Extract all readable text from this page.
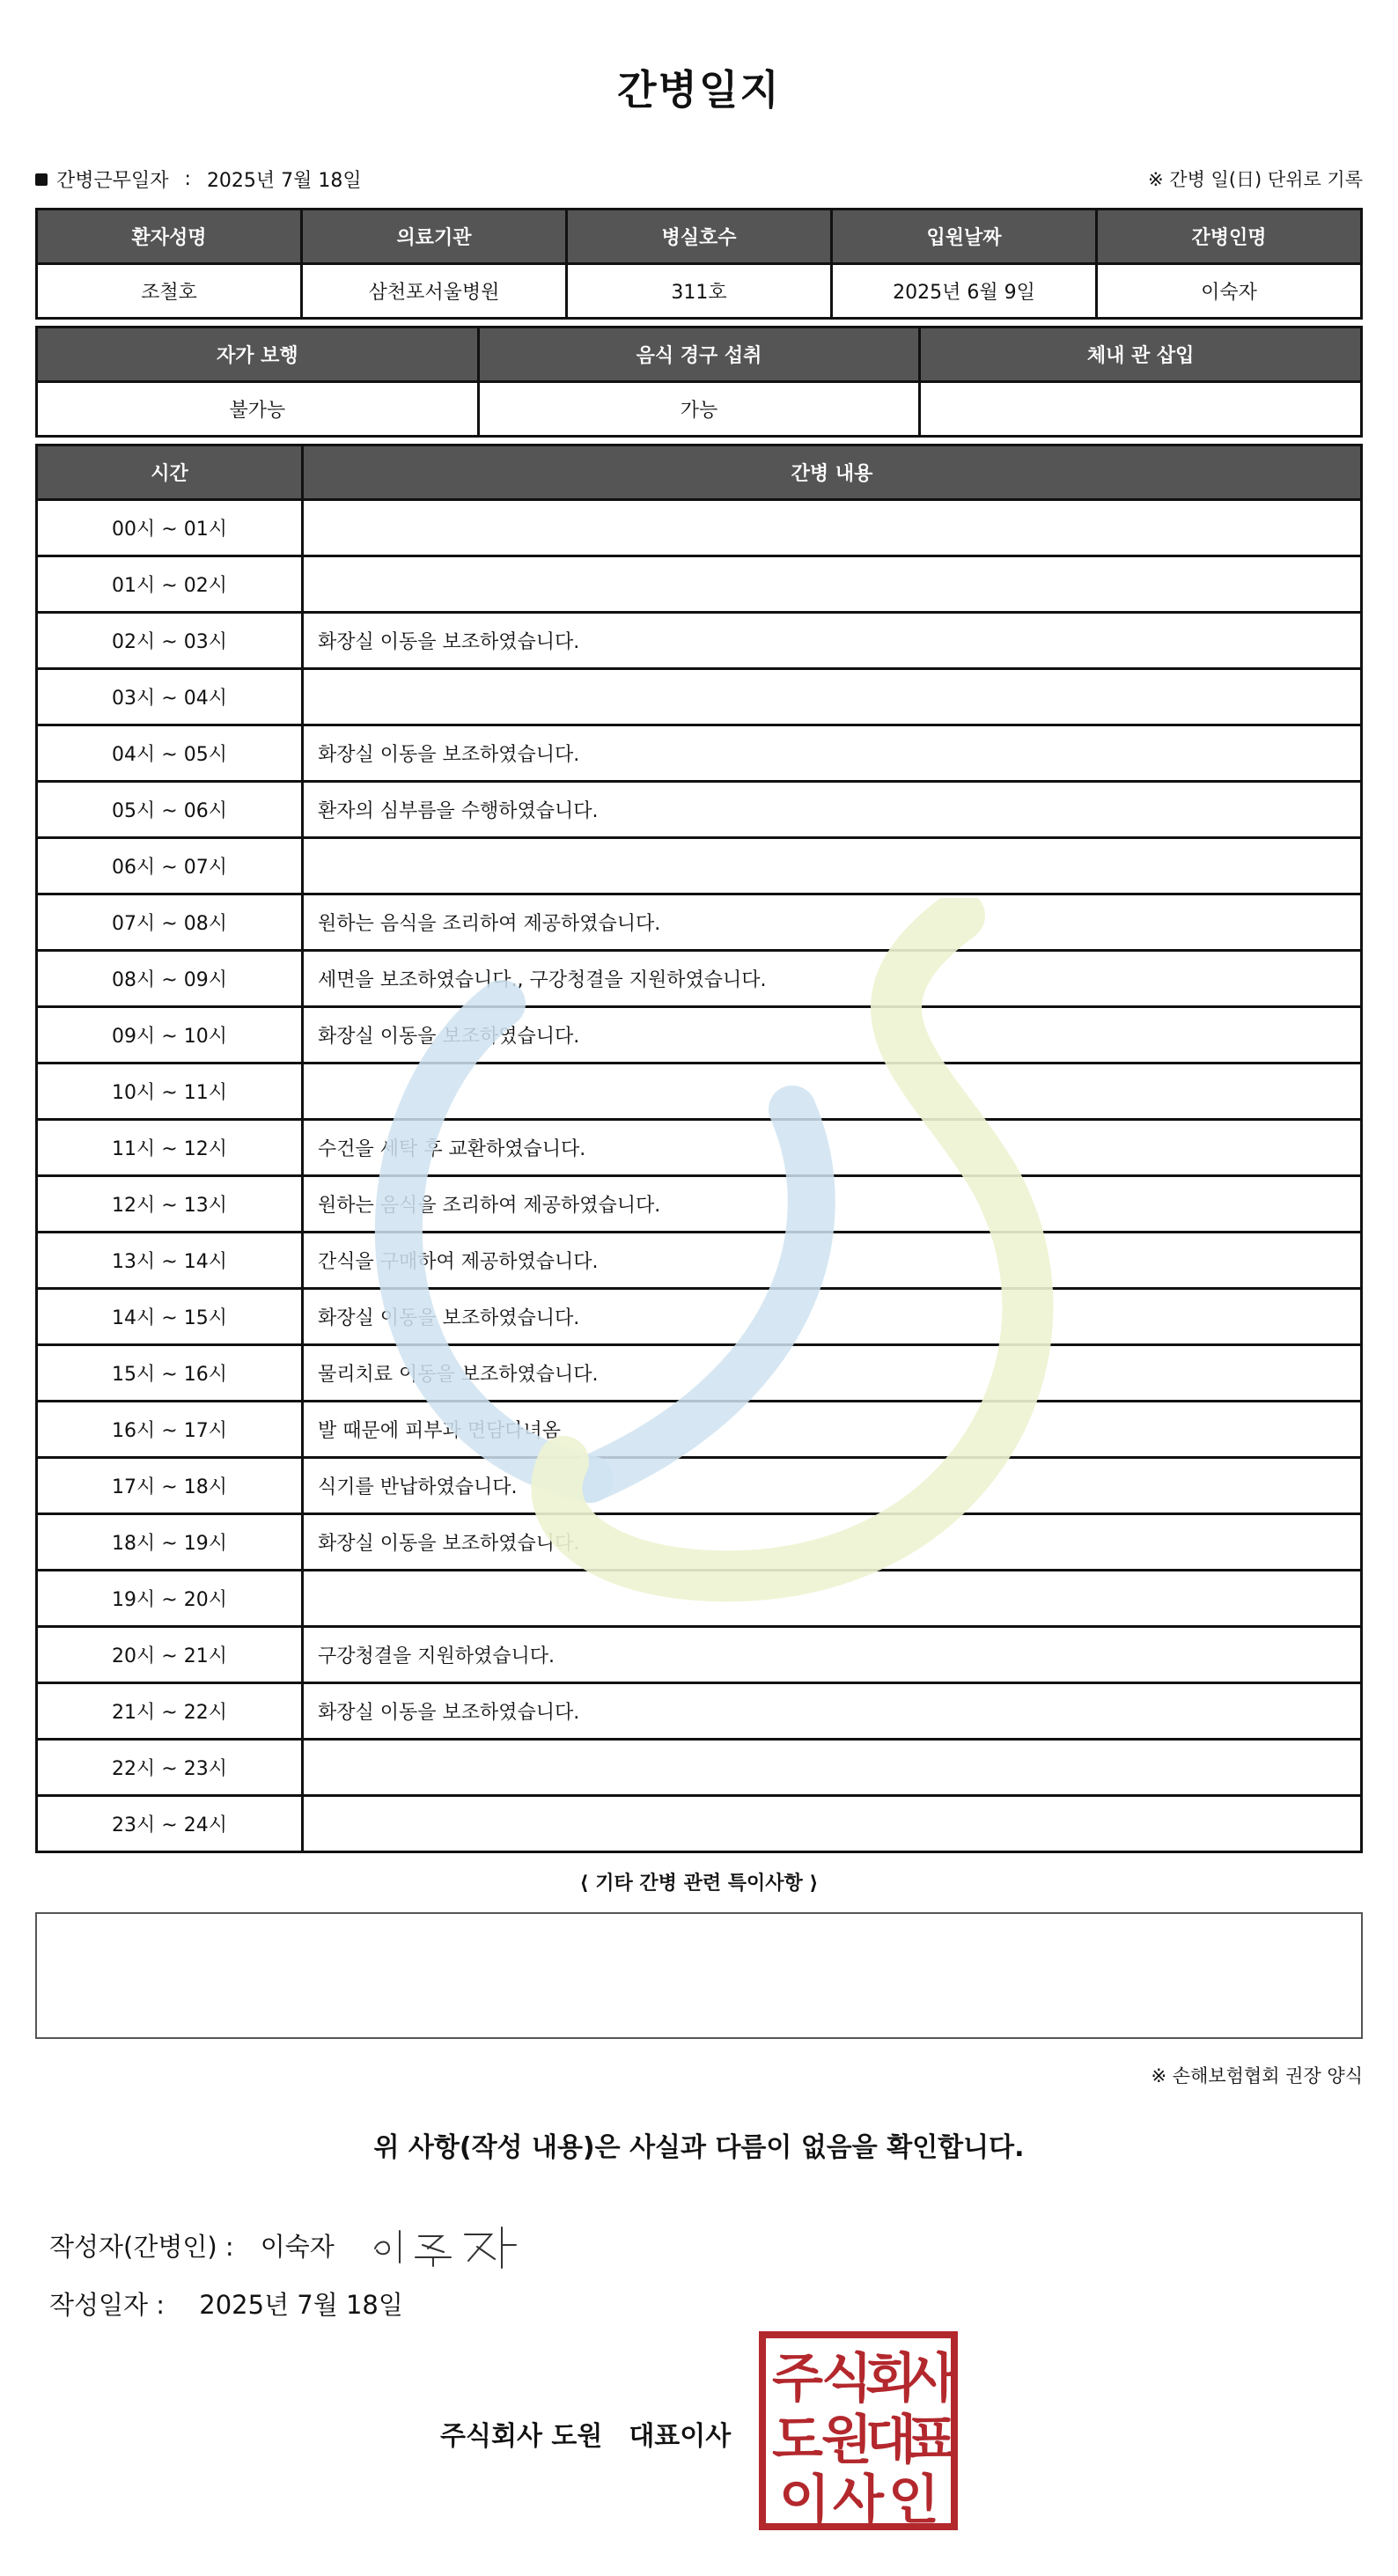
간병일지
간병근무일자 : 2025년 7월 18일	※ 간병 일(日) 단위로 기록
환자성명	의료기관	병실호수	입원날짜	간병인명
조철호	삼천포서울병원	311호	2025년 6월 9일	이숙자
자가 보행	음식 경구 섭취	체내 관 삽입
불가능	가능	
시간	간병 내용
00시 ~ 01시	
01시 ~ 02시	
02시 ~ 03시	화장실 이동을 보조하였습니다.
03시 ~ 04시	
04시 ~ 05시	화장실 이동을 보조하였습니다.
05시 ~ 06시	환자의 심부름을 수행하였습니다.
06시 ~ 07시	
07시 ~ 08시	원하는 음식을 조리하여 제공하였습니다.
08시 ~ 09시	세면을 보조하였습니다., 구강청결을 지원하였습니다.
09시 ~ 10시	화장실 이동을 보조하였습니다.
10시 ~ 11시	
11시 ~ 12시	수건을 세탁 후 교환하였습니다.
12시 ~ 13시	원하는 음식을 조리하여 제공하였습니다.
13시 ~ 14시	간식을 구매하여 제공하였습니다.
14시 ~ 15시	화장실 이동을 보조하였습니다.
15시 ~ 16시	물리치료 이동을 보조하였습니다.
16시 ~ 17시	발 때문에 피부과 면담다녀옴
17시 ~ 18시	식기를 반납하였습니다.
18시 ~ 19시	화장실 이동을 보조하였습니다.
19시 ~ 20시	
20시 ~ 21시	구강청결을 지원하였습니다.
21시 ~ 22시	화장실 이동을 보조하였습니다.
22시 ~ 23시	
23시 ~ 24시	
⟨ 기타 간병 관련 특이사항 ⟩
※ 손해보험협회 권장 양식
위 사항(작성 내용)은 사실과 다름이 없음을 확인합니다.
작성자(간병인) : 이숙자
작성일자 : 2025년 7월 18일
주식회사 도원 대표이사
주
식
회
사
도
원
대
표
이 사 인
